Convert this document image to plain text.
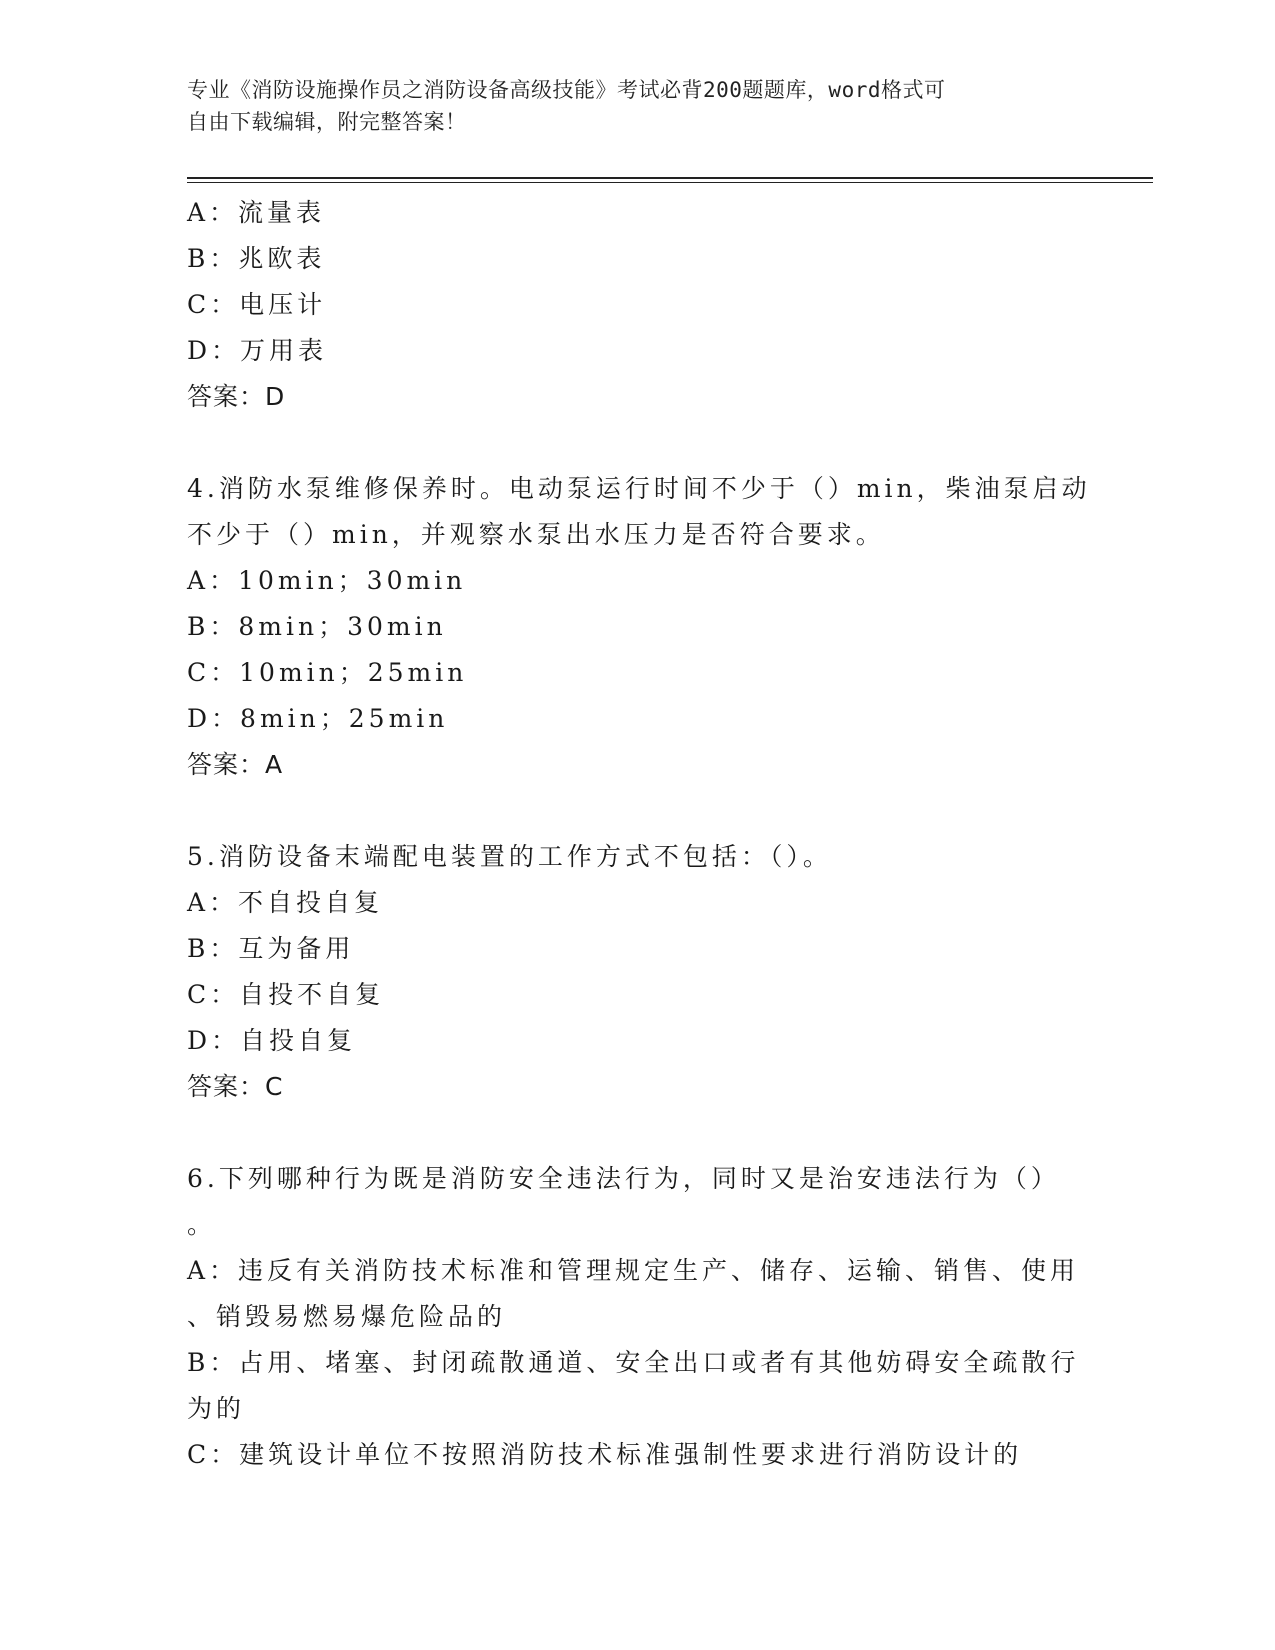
专业《消防设施操作员之消防设备高级技能》考试必背200题题库，word格式可
自由下载编辑，附完整答案！
A：流量表
B：兆欧表
C：电压计
D：万用表
答案：D
4.消防水泵维修保养时。电动泵运行时间不少于（）min，柴油泵启动
不少于（）min，并观察水泵出水压力是否符合要求。
A：10min；30min
B：8min；30min
C：10min；25min
D：8min；25min
答案：A
5.消防设备末端配电装置的工作方式不包括：（）。
A：不自投自复
B：互为备用
C：自投不自复
D：自投自复
答案：C
6.下列哪种行为既是消防安全违法行为，同时又是治安违法行为（）
。
A：违反有关消防技术标准和管理规定生产、储存、运输、销售、使用
、销毁易燃易爆危险品的
B：占用、堵塞、封闭疏散通道、安全出口或者有其他妨碍安全疏散行
为的
C：建筑设计单位不按照消防技术标准强制性要求进行消防设计的
